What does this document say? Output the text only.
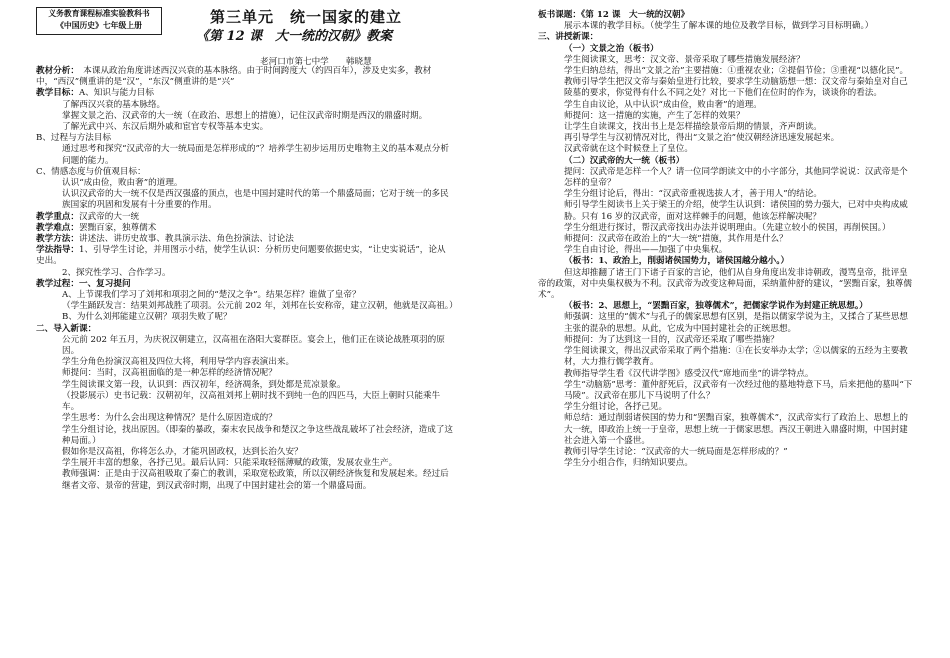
义务教育课程标准实验教科书
《中国历史》七年级上册	第三单元　统一国家的建立
《第 12 课　大一统的汉朝》教案
老河口市第七中学　　韩晓慧

教材分析：　本课从政治角度讲述西汉兴衰的基本脉络。由于时间跨度大（约四百年），涉及史实多，教材中，“西汉”侧重讲的是“汉”，“东汉”侧重讲的是“兴”

教学目标：A、知识与能力目标

了解西汉兴衰的基本脉络。

掌握文景之治、汉武帝的大一统（在政治、思想上的措施），记住汉武帝时期是西汉的鼎盛时期。

了解光武中兴、东汉后期外戚和宦官专权等基本史实。

B、过程与方法目标

通过思考和探究“汉武帝的大一统局面是怎样形成的”？培养学生初步运用历史唯物主义的基本观点分析问题的能力。

C、情感态度与价值观目标：

认识“成由俭，败由奢”的道理。

认识汉武帝的大一统不仅是西汉强盛的顶点，也是中国封建时代的第一个鼎盛局面；它对于统一的多民族国家的巩固和发展有十分重要的作用。

教学重点：汉武帝的大一统

教学难点：罢黜百家，独尊儒术

教学方法：讲述法、讲历史故事、教具演示法、角色扮演法、讨论法

学法指导：1、引导学生讨论，并用图示小结，使学生认识：分析历史问题要依据史实，“让史实说话”，论从史出。

2、探究性学习、合作学习。

教学过程：一、复习提问

A、上节课我们学习了刘邦和项羽之间的“楚汉之争”。结果怎样？谁做了皇帝？

（学生踊跃发言：结果刘邦战胜了项羽。公元前 202 年，刘邦在长安称帝，建立汉朝，他就是汉高祖。）

B、为什么刘邦能建立汉朝？项羽失败了呢？

二、导入新课：

公元前 202 年五月，为庆祝汉朝建立，汉高祖在洛阳大宴群臣。宴会上，他们正在谈论战胜项羽的原因。

学生分角色扮演汉高祖及四位大将，利用导学内容表演出来。

师提问：当时，汉高祖面临的是一种怎样的经济情况呢？

学生阅读课文第一段，认识到：西汉初年，经济凋条，到处都是荒凉景象。

（投影展示）史书记载：汉朝初年，汉高祖刘邦上朝时找不到纯一色的四匹马，大臣上朝时只能乘牛车。

学生思考：为什么会出现这种情况？是什么原因造成的？

学生分组讨论，找出原因。（即秦的暴政，秦末农民战争和楚汉之争这些战乱破坏了社会经济，造成了这种局面。）

假如你是汉高祖，你将怎么办，才能巩固政权，达到长治久安？

学生展开丰富的想象，各抒己见。最后认同：只能采取轻徭薄赋的政策，发展农业生产。

教师强调：正是由于汉高祖吸取了秦亡的教训，采取宽松政策，所以汉朝经济恢复和发展起来。经过后继者文帝、景帝的营建，到汉武帝时期，出现了中国封建社会的第一个鼎盛局面。

板书课题：《第 12 课　大一统的汉朝》

展示本课的教学目标。（使学生了解本课的地位及教学目标，做到学习目标明确。）

三、讲授新课：

（一）文景之治（板书）

学生阅读课文，思考：汉文帝、景帝采取了哪些措施发展经济？

学生归纳总结，得出“文景之治”主要措施：①重视农业；②提倡节俭；③重视“以德化民”。

教师引导学生把汉文帝与秦始皇进行比较，要求学生动脑筋想一想：汉文帝与秦始皇对自己陵墓的要求，你觉得有什么不同之处？对比一下他们在位时的作为，谈谈你的看法。

学生自由议论，从中认识“成由俭，败由奢”的道理。

师提问：这一措施的实施，产生了怎样的效果？

让学生自读课文，找出书上是怎样描绘景帝后期的情景，齐声朗读。

再引导学生与汉初情况对比，得出“文景之治”使汉朝经济迅速发展起来。

汉武帝就在这个时候登上了皇位。

（二）汉武帝的大一统（板书）

提问：汉武帝是怎样一个人？请一位同学朗读文中的小字部分，其他同学说说：汉武帝是个怎样的皇帝？

学生分组讨论后，得出：“汉武帝重视选拔人才，善于用人”的结论。

师引导学生阅读书上关于梁王的介绍，使学生认识到：诸侯国的势力强大，已对中央构成威胁。只有 16 岁的汉武帝，面对这样棘手的问题，他该怎样解决呢？

学生分组进行探讨，帮汉武帝找出办法并说明理由。（先建立较小的侯国，再削侯国。）

师提问：汉武帝在政治上的“大一统”措施，其作用是什么？

学生自由讨论，得出——加强了中央集权。

（板书：1、政治上，削弱诸侯国势力，诸侯国越分越小。）

但这却推翻了诸王门下诸子百家的言论，他们从自身角度出发非诗朝政，漫骂皇帝，批评皇帝的政策，对中央集权极为不利。汉武帝为改变这种局面，采纳董仲舒的建议，“罢黜百家，独尊儒术”。

（板书：2、思想上，“罢黜百家，独尊儒术”，把儒家学说作为封建正统思想。）

师强调：这里的“儒术”与孔子的儒家思想有区别，是指以儒家学说为主，又揉合了某些思想主张的混杂的思想。从此，它成为中国封建社会的正统思想。

师提问：为了达到这一目的，汉武帝还采取了哪些措施？

学生阅读课文，得出汉武帝采取了两个措施：①在长安举办太学；②以儒家的五经为主要教材，大力推行儒学教育。

教师指导学生看《汉代讲学图》感受汉代“席地而坐”的讲学特点。

学生“动脑筋”思考：董仲舒死后，汉武帝有一次经过他的墓地特意下马，后来把他的墓叫“下马陵”。汉武帝在那儿下马说明了什么？

学生分组讨论，各抒己见。

师总结：通过削弱诸侯国的势力和“罢黜百家，独尊儒术”，汉武帝实行了政治上、思想上的大一统，即政治上统一于皇帝，思想上统一于儒家思想。西汉王朝进入鼎盛时期，中国封建社会进入第一个盛世。

教师引导学生讨论：“汉武帝的大一统局面是怎样形成的？”

学生分小组合作，归纳知识要点。
